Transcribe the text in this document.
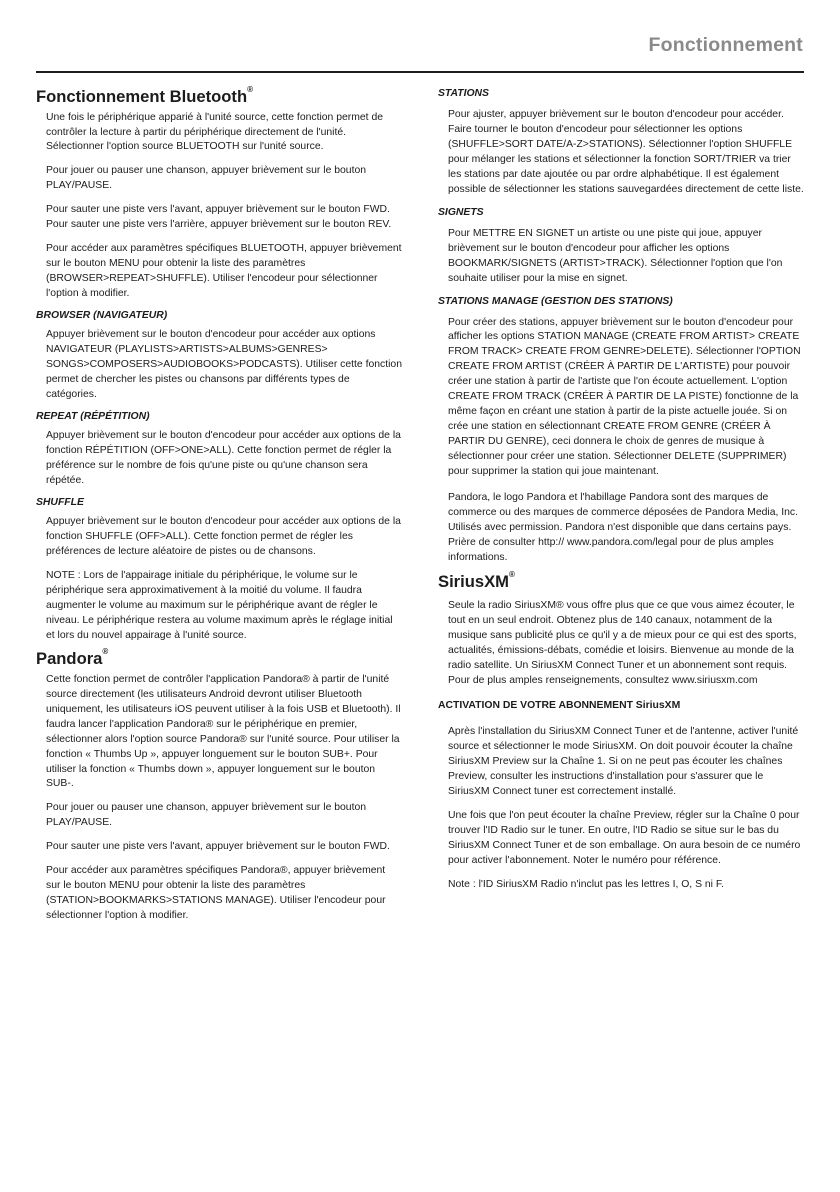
Fonctionnement
Fonctionnement Bluetooth®

Une fois le périphérique apparié à l'unité source, cette fonction permet de contrôler la lecture à partir du périphérique directement de l'unité. Sélectionner l'option source BLUETOOTH sur l'unité source.

Pour jouer ou pauser une chanson, appuyer brièvement sur le bouton PLAY/PAUSE.

Pour sauter une piste vers l'avant, appuyer brièvement sur le bouton FWD. Pour sauter une piste vers l'arrière, appuyer brièvement sur le bouton REV.

Pour accéder aux paramètres spécifiques BLUETOOTH, appuyer brièvement sur le bouton MENU pour obtenir la liste des paramètres (BROWSER>REPEAT>SHUFFLE). Utiliser l'encodeur pour sélectionner l'option à modifier.

BROWSER (NAVIGATEUR)

Appuyer brièvement sur le bouton d'encodeur pour accéder aux options NAVIGATEUR (PLAYLISTS>ARTISTS>ALBUMS>GENRES> SONGS>COMPOSERS>AUDIOBOOKS>PODCASTS). Utiliser cette fonction permet de chercher les pistes ou chansons par différents types de catégories.

REPEAT (RÉPÉTITION)

Appuyer brièvement sur le bouton d'encodeur pour accéder aux options de la fonction RÉPÉTITION (OFF>ONE>ALL). Cette fonction permet de régler la préférence sur le nombre de fois qu'une piste ou qu'une chanson sera répétée.

SHUFFLE

Appuyer brièvement sur le bouton d'encodeur pour accéder aux options de la fonction SHUFFLE (OFF>ALL). Cette fonction permet de régler les préférences de lecture aléatoire de pistes ou de chansons.

NOTE : Lors de l'appairage initiale du périphérique, le volume sur le périphérique sera approximativement à la moitié du volume. Il faudra augmenter le volume au maximum sur le périphérique avant de régler le niveau. Le périphérique restera au volume maximum après le réglage initial et lors du nouvel appairage à l'unité source.

Pandora®

Cette fonction permet de contrôler l'application Pandora® à partir de l'unité source directement (les utilisateurs Android devront utiliser Bluetooth uniquement, les utilisateurs iOS peuvent utiliser à la fois USB et Bluetooth). Il faudra lancer l'application Pandora® sur le périphérique en premier, sélectionner alors l'option source Pandora® sur l'unité source. Pour utiliser la fonction « Thumbs Up », appuyer longuement sur le bouton SUB+. Pour utiliser la fonction « Thumbs down », appuyer longuement sur le bouton SUB-.

Pour jouer ou pauser une chanson, appuyer brièvement sur le bouton PLAY/PAUSE.

Pour sauter une piste vers l'avant, appuyer brièvement sur le bouton FWD.

Pour accéder aux paramètres spécifiques Pandora®, appuyer brièvement sur le bouton MENU pour obtenir la liste des paramètres (STATION>BOOKMARKS>STATIONS MANAGE). Utiliser l'encodeur pour sélectionner l'option à modifier.

STATIONS

Pour ajuster, appuyer brièvement sur le bouton d'encodeur pour accéder. Faire tourner le bouton d'encodeur pour sélectionner les options (SHUFFLE>SORT DATE/A-Z>STATIONS). Sélectionner l'option SHUFFLE pour mélanger les stations et sélectionner la fonction SORT/TRIER va trier les stations par date ajoutée ou par ordre alphabétique. Il est également possible de sélectionner les stations sauvegardées directement de cette liste.

SIGNETS

Pour METTRE EN SIGNET un artiste ou une piste qui joue, appuyer brièvement sur le bouton d'encodeur pour afficher les options BOOKMARK/SIGNETS (ARTIST>TRACK). Sélectionner l'option que l'on souhaite utiliser pour la mise en signet.

STATIONS MANAGE (GESTION DES STATIONS)

Pour créer des stations, appuyer brièvement sur le bouton d'encodeur pour afficher les options STATION MANAGE (CREATE FROM ARTIST> CREATE FROM TRACK> CREATE FROM GENRE>DELETE). Sélectionner l'OPTION CREATE FROM ARTIST (CRÉER À PARTIR DE L'ARTISTE) pour pouvoir créer une station à partir de l'artiste que l'on écoute actuellement. L'option CREATE FROM TRACK (CRÉER À PARTIR DE LA PISTE) fonctionne de la même façon en créant une station à partir de la piste actuelle jouée. Si on crée une station en sélectionnant CREATE FROM GENRE (CRÉER À PARTIR DU GENRE), ceci donnera le choix de genres de musique à sélectionner pour créer une station. Sélectionner DELETE (SUPPRIMER) pour supprimer la station qui joue maintenant.

Pandora, le logo Pandora et l'habillage Pandora sont des marques de commerce ou des marques de commerce déposées de Pandora Media, Inc. Utilisés avec permission. Pandora n'est disponible que dans certains pays. Prière de consulter http:// www.pandora.com/legal pour de plus amples informations.

SiriusXM®

Seule la radio SiriusXM® vous offre plus que ce que vous aimez écouter, le tout en un seul endroit. Obtenez plus de 140 canaux, notamment de la musique sans publicité plus ce qu'il y a de mieux pour ce qui est des sports, actualités, émissions-débats, comédie et loisirs. Bienvenue au monde de la radio satellite. Un SiriusXM Connect Tuner et un abonnement sont requis. Pour de plus amples renseignements, consultez www.siriusxm.com

ACTIVATION DE VOTRE ABONNEMENT SiriusXM

Après l'installation du SiriusXM Connect Tuner et de l'antenne, activer l'unité source et sélectionner le mode SiriusXM. On doit pouvoir écouter la chaîne SiriusXM Preview sur la Chaîne 1. Si on ne peut pas écouter les chaînes Preview, consulter les instructions d'installation pour s'assurer que le SiriusXM Connect tuner est correctement installé.

Une fois que l'on peut écouter la chaîne Preview, régler sur la Chaîne 0 pour trouver l'ID Radio sur le tuner. En outre, l'ID Radio se situe sur le bas du SiriusXM Connect Tuner et de son emballage. On aura besoin de ce numéro pour activer l'abonnement. Noter le numéro pour référence.

Note : l'ID SiriusXM Radio n'inclut pas les lettres I, O, S ni F.
